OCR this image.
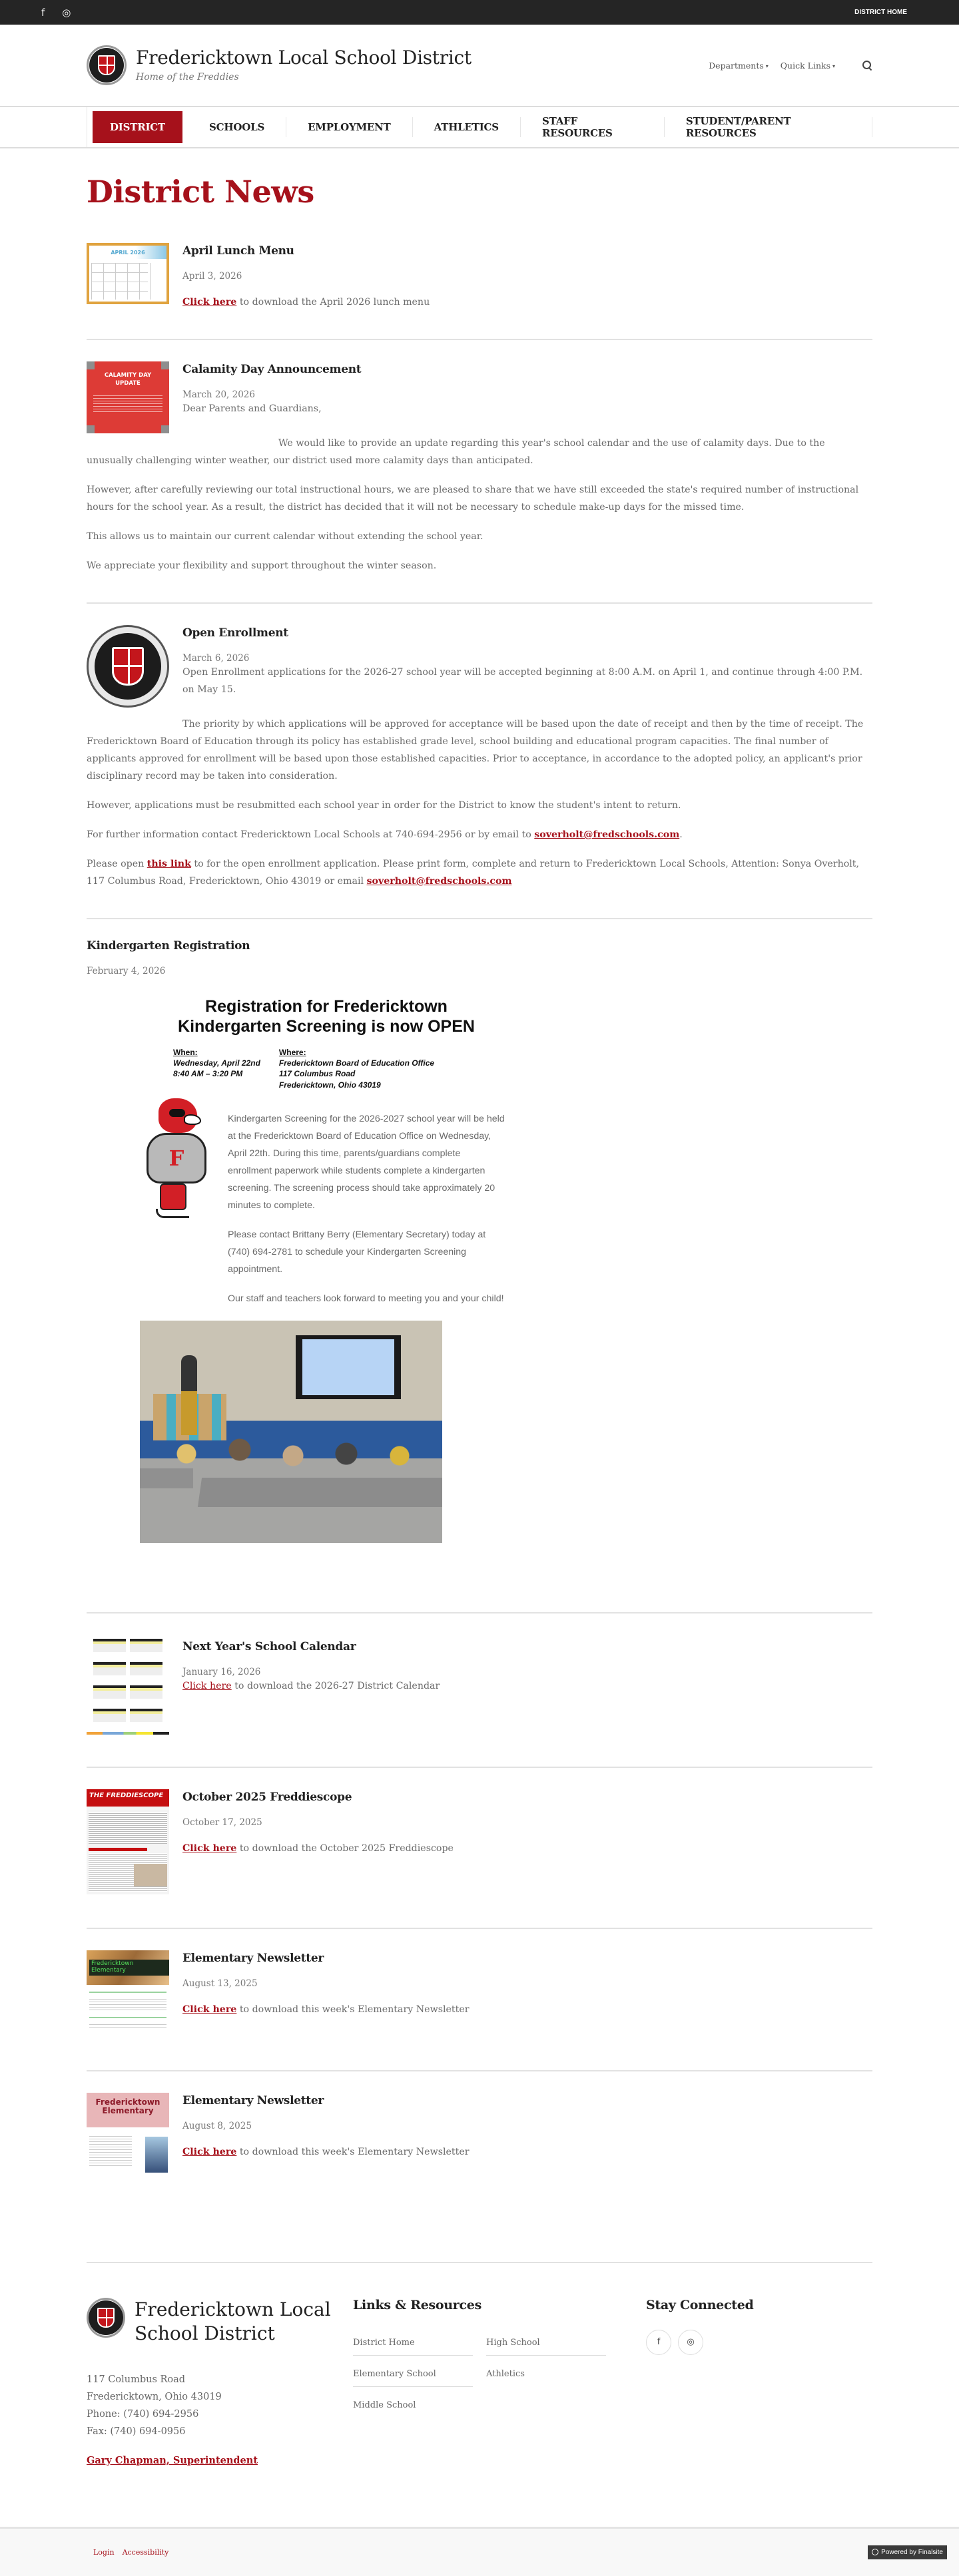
f ◎	DISTRICT HOME
Fredericktown Local School District
Home of the Freddies
Departments ▾ Quick Links ▾
DISTRICT	SCHOOLS	EMPLOYMENT	ATHLETICS	STAFF RESOURCES
STUDENT/PARENT RESOURCES
District News
APRIL 2026	April Lunch Menu
April 3, 2026

Click here to download the April 2026 lunch menu

CALAMITY DAY UPDATE
Calamity Day Announcement
March 20, 2026

Dear Parents and Guardians,

We would like to provide an update regarding this year's school calendar and the use of calamity days. Due to the unusually challenging winter weather, our district used more calamity days than anticipated.

However, after carefully reviewing our total instructional hours, we are pleased to share that we have still exceeded the state's required number of instructional hours for the school year. As a result, the district has decided that it will not be necessary to schedule make-up days for the missed time.

This allows us to maintain our current calendar without extending the school year.

We appreciate your flexibility and support throughout the winter season.

Open Enrollment
March 6, 2026

Open Enrollment applications for the 2026-27 school year will be accepted beginning at 8:00 A.M. on April 1, and continue through 4:00 P.M. on May 15.

The priority by which applications will be approved for acceptance will be based upon the date of receipt and then by the time of receipt. The Fredericktown Board of Education through its policy has established grade level, school building and educational program capacities. The final number of applicants approved for enrollment will be based upon those established capacities. Prior to acceptance, in accordance to the adopted policy, an applicant's prior disciplinary record may be taken into consideration.

However, applications must be resubmitted each school year in order for the District to know the student's intent to return.

For further information contact Fredericktown Local Schools at 740-694-2956 or by email to soverholt@fredschools.com.

Please open this link to for the open enrollment application. Please print form, complete and return to Fredericktown Local Schools, Attention: Sonya Overholt, 117 Columbus Road, Fredericktown, Ohio 43019 or email soverholt@fredschools.com

Kindergarten Registration
February 4, 2026
Registration for Fredericktown
Kindergarten Screening is now OPEN
When:
Wednesday, April 22nd
8:40 AM – 3:20 PM
Where:
Fredericktown Board of Education Office
117 Columbus Road
Fredericktown, Ohio 43019
F

Kindergarten Screening for the 2026-2027 school year will be held at the Fredericktown Board of Education Office on Wednesday, April 22th. During this time, parents/guardians complete enrollment paperwork while students complete a kindergarten screening. The screening process should take approximately 20 minutes to complete.

Please contact Brittany Berry (Elementary Secretary) today at (740) 694-2781 to schedule your Kindergarten Screening appointment.

Our staff and teachers look forward to meeting you and your child!

Next Year's School Calendar
January 16, 2026

Click here to download the 2026-27 District Calendar

THE FREDDIESCOPE	October 2025 Freddiescope
October 17, 2025

Click here to download the October 2025 Freddiescope

Fredericktown Elementary
Elementary Newsletter
August 13, 2025

Click here to download this week's Elementary Newsletter

Fredericktown Elementary
Elementary Newsletter
August 8, 2025

Click here to download this week's Elementary Newsletter

Fredericktown Local School District
117 Columbus Road
Fredericktown, Ohio 43019
Phone: (740) 694-2956
Fax: (740) 694-0956
Gary Chapman, Superintendent
Links & Resources
District Home	High School
Elementary School	Athletics
Middle School
Stay Connected
f	◎
Login Accessibility	Powered by Finalsite
